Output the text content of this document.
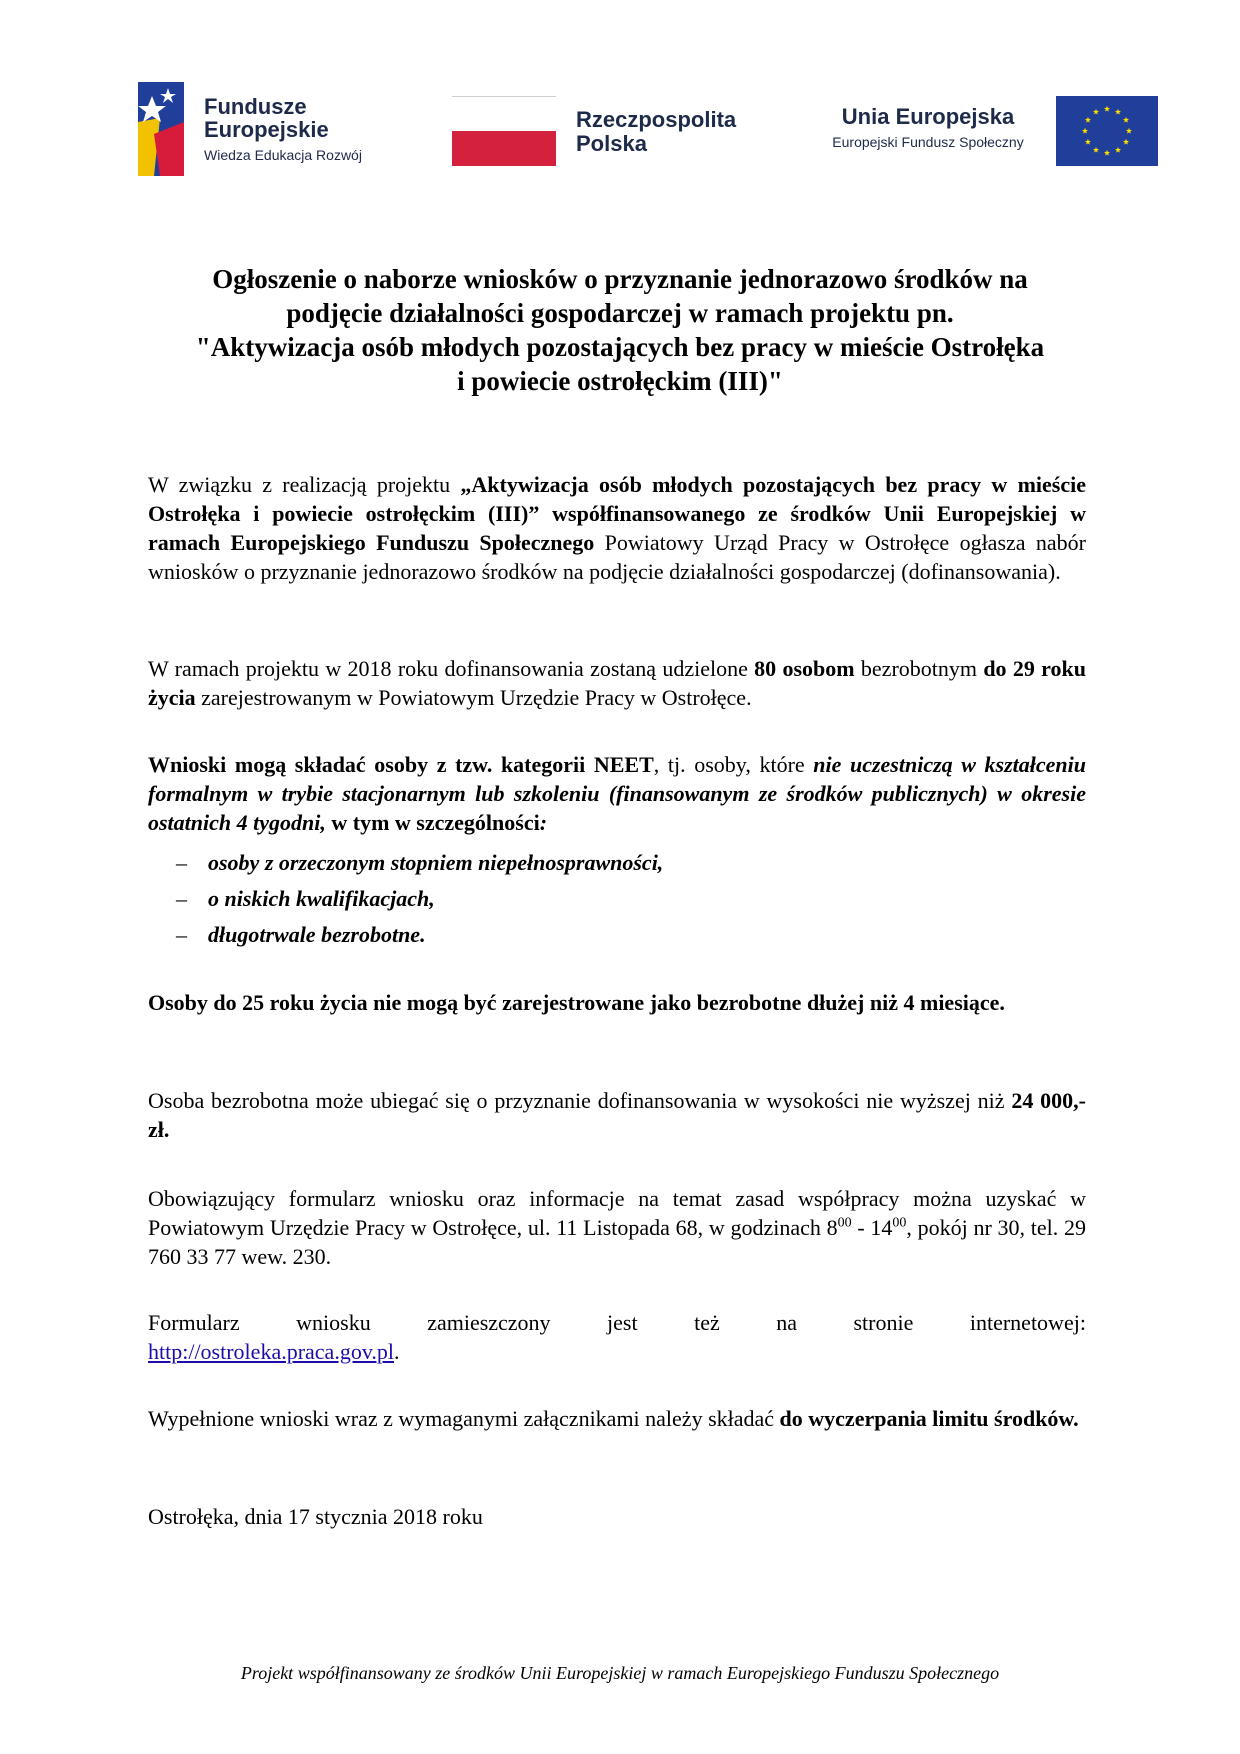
Fundusze
Europejskie
Wiedza Edukacja Rozwój
Rzeczpospolita
Polska
Unia Europejska
Europejski Fundusz Społeczny
Ogłoszenie o naborze wniosków o przyznanie jednorazowo środków na
podjęcie działalności gospodarczej w ramach projektu pn.
"Aktywizacja osób młodych pozostających bez pracy w mieście Ostrołęka
i powiecie ostrołęckim (III)"

W związku z realizacją projektu „Aktywizacja osób młodych pozostających bez pracy w mieście Ostrołęka i powiecie ostrołęckim (III)” współfinansowanego ze środków Unii Europejskiej w ramach Europejskiego Funduszu Społecznego Powiatowy Urząd Pracy w Ostrołęce ogłasza nabór wniosków o przyznanie jednorazowo środków na podjęcie działalności gospodarczej (dofinansowania).

W ramach projektu w 2018 roku dofinansowania zostaną udzielone 80 osobom bezrobotnym do 29 roku życia zarejestrowanym w Powiatowym Urzędzie Pracy w Ostrołęce.

Wnioski mogą składać osoby z tzw. kategorii NEET, tj. osoby, które nie uczestniczą w kształceniu formalnym w trybie stacjonarnym lub szkoleniu (finansowanym ze środków publicznych) w okresie ostatnich 4 tygodni, w tym w szczególności:

– osoby z orzeczonym stopniem niepełnosprawności,
– o niskich kwalifikacjach,
– długotrwale bezrobotne.

Osoby do 25 roku życia nie mogą być zarejestrowane jako bezrobotne dłużej niż 4 miesiące.

Osoba bezrobotna może ubiegać się o przyznanie dofinansowania w wysokości nie wyższej niż 24 000,- zł.

Obowiązujący formularz wniosku oraz informacje na temat zasad współpracy można uzyskać w Powiatowym Urzędzie Pracy w Ostrołęce, ul. 11 Listopada 68, w godzinach $8^{00} - 14^{00}$, pokój nr 30, tel. 29 760 33 77 wew. 230.

Formularz	wniosku	zamieszczony	jest	też	na	stronie	internetowej:

http://ostroleka.praca.gov.pl.

Wypełnione wnioski wraz z wymaganymi załącznikami należy składać do wyczerpania limitu środków.

Ostrołęka, dnia 17 stycznia 2018 roku

Projekt współfinansowany ze środków Unii Europejskiej w ramach Europejskiego Funduszu Społecznego
